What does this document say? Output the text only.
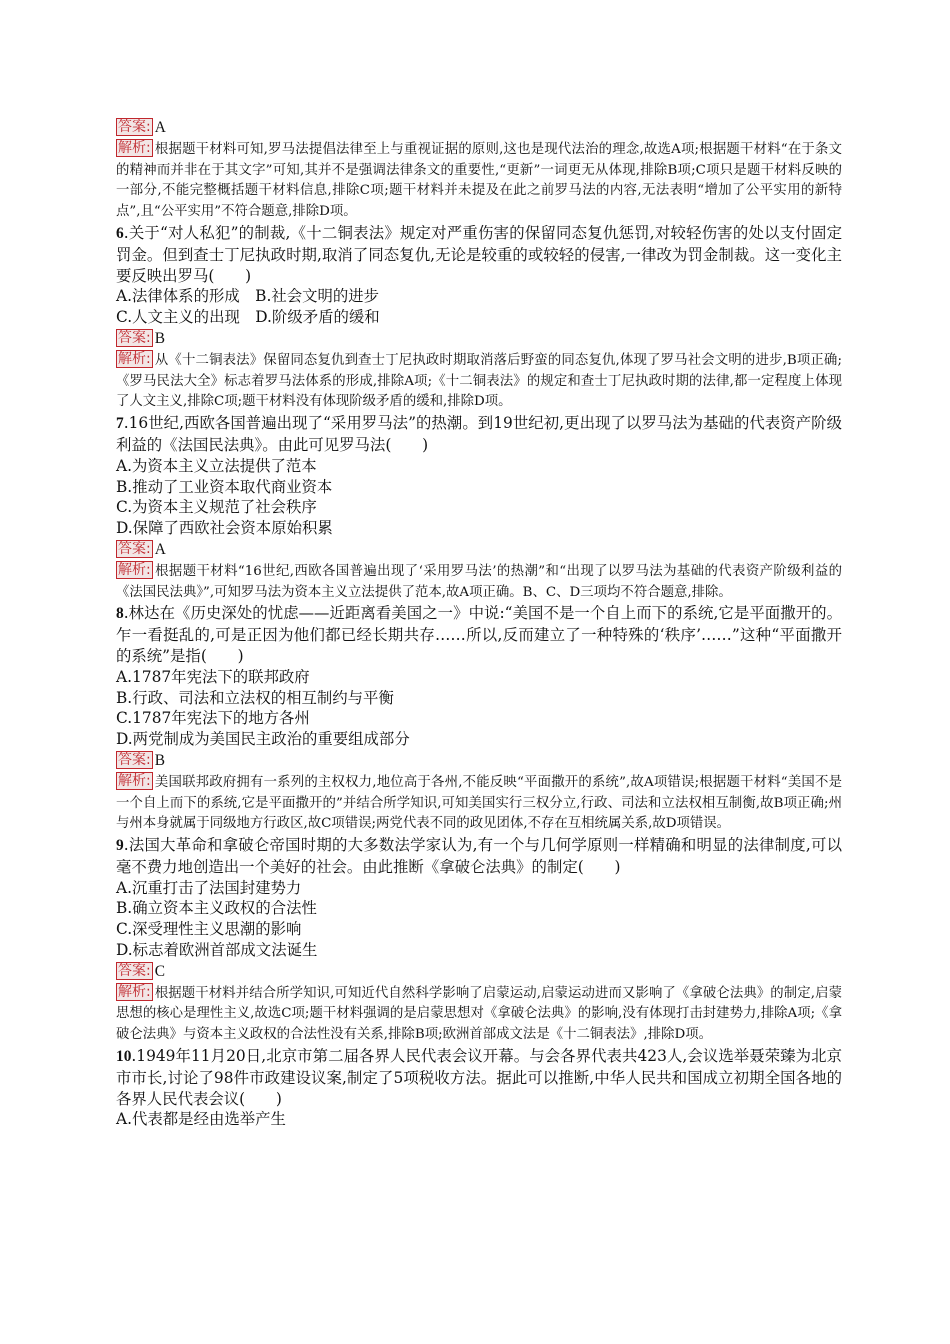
答案: A

解析: 根据题干材料可知,罗马法提倡法律至上与重视证据的原则,这也是现代法治的理念,故选A项;根据题干材料“在于条文的精神而并非在于其文字”可知,其并不是强调法律条文的重要性,“更新”一词更无从体现,排除B项;C项只是题干材料反映的一部分,不能完整概括题干材料信息,排除C项;题干材料并未提及在此之前罗马法的内容,无法表明“增加了公平实用的新特点”,且“公平实用”不符合题意,排除D项。

6.关于“对人私犯”的制裁,《十二铜表法》规定对严重伤害的保留同态复仇惩罚,对较轻伤害的处以支付固定罚金。但到查士丁尼执政时期,取消了同态复仇,无论是较重的或较轻的侵害,一律改为罚金制裁。这一变化主要反映出罗马(　　)

A.法律体系的形成　B.社会文明的进步

C.人文主义的出现　D.阶级矛盾的缓和

答案: B

解析: 从《十二铜表法》保留同态复仇到查士丁尼执政时期取消落后野蛮的同态复仇,体现了罗马社会文明的进步,B项正确;《罗马民法大全》标志着罗马法体系的形成,排除A项;《十二铜表法》的规定和查士丁尼执政时期的法律,都一定程度上体现了人文主义,排除C项;题干材料没有体现阶级矛盾的缓和,排除D项。

7.16世纪,西欧各国普遍出现了“采用罗马法”的热潮。到19世纪初,更出现了以罗马法为基础的代表资产阶级利益的《法国民法典》。由此可见罗马法(　　)

A.为资本主义立法提供了范本

B.推动了工业资本取代商业资本

C.为资本主义规范了社会秩序

D.保障了西欧社会资本原始积累

答案: A

解析: 根据题干材料“16世纪,西欧各国普遍出现了‘采用罗马法’的热潮”和“出现了以罗马法为基础的代表资产阶级利益的《法国民法典》”,可知罗马法为资本主义立法提供了范本,故A项正确。B、C、D三项均不符合题意,排除。

8.林达在《历史深处的忧虑——近距离看美国之一》中说:“美国不是一个自上而下的系统,它是平面撒开的。乍一看挺乱的,可是正因为他们都已经长期共存……所以,反而建立了一种特殊的‘秩序’……”这种“平面撒开的系统”是指(　　)

A.1787年宪法下的联邦政府

B.行政、司法和立法权的相互制约与平衡

C.1787年宪法下的地方各州

D.两党制成为美国民主政治的重要组成部分

答案: B

解析: 美国联邦政府拥有一系列的主权权力,地位高于各州,不能反映“平面撒开的系统”,故A项错误;根据题干材料“美国不是一个自上而下的系统,它是平面撒开的”并结合所学知识,可知美国实行三权分立,行政、司法和立法权相互制衡,故B项正确;州与州本身就属于同级地方行政区,故C项错误;两党代表不同的政见团体,不存在互相统属关系,故D项错误。

9.法国大革命和拿破仑帝国时期的大多数法学家认为,有一个与几何学原则一样精确和明显的法律制度,可以毫不费力地创造出一个美好的社会。由此推断《拿破仑法典》的制定(　　)

A.沉重打击了法国封建势力

B.确立资本主义政权的合法性

C.深受理性主义思潮的影响

D.标志着欧洲首部成文法诞生

答案: C

解析: 根据题干材料并结合所学知识,可知近代自然科学影响了启蒙运动,启蒙运动进而又影响了《拿破仑法典》的制定,启蒙思想的核心是理性主义,故选C项;题干材料强调的是启蒙思想对《拿破仑法典》的影响,没有体现打击封建势力,排除A项;《拿破仑法典》与资本主义政权的合法性没有关系,排除B项;欧洲首部成文法是《十二铜表法》,排除D项。

10.1949年11月20日,北京市第二届各界人民代表会议开幕。与会各界代表共423人,会议选举聂荣臻为北京市市长,讨论了98件市政建设议案,制定了5项税收方法。据此可以推断,中华人民共和国成立初期全国各地的各界人民代表会议(　　)

A.代表都是经由选举产生
